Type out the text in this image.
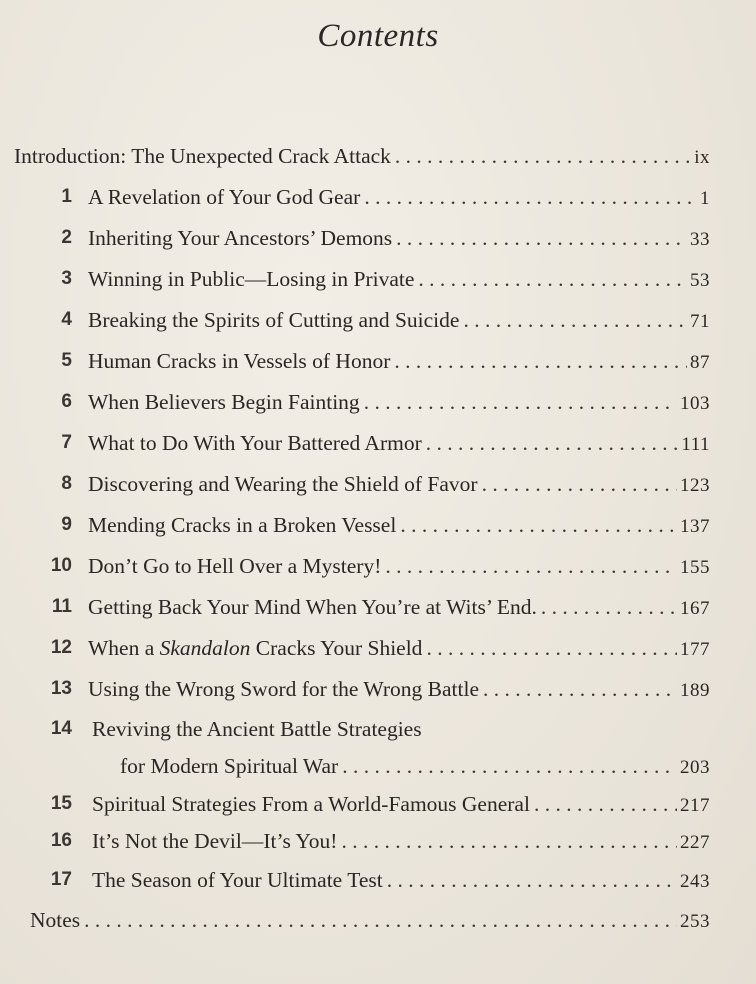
Contents
Introduction: The Unexpected Crack Attack . . .	ix
1 A Revelation of Your God Gear . . .	1
2 Inheriting Your Ancestors’ Demons . . .	33
3 Winning in Public—Losing in Private . . .	53
4 Breaking the Spirits of Cutting and Suicide . . .	71
5 Human Cracks in Vessels of Honor . . .	87
6 When Believers Begin Fainting . . .	103
7 What to Do With Your Battered Armor . . .	111
8 Discovering and Wearing the Shield of Favor . . .	123
9 Mending Cracks in a Broken Vessel . . .	137
10 Don’t Go to Hell Over a Mystery! . . .	155
11 Getting Back Your Mind When You’re at Wits’ End. . . .	167
12 When a Skandalon Cracks Your Shield . . .	177
13 Using the Wrong Sword for the Wrong Battle . . .	189
14 Reviving the Ancient Battle Strategies
for Modern Spiritual War . . .	203
15 Spiritual Strategies From a World-Famous General . . .	217
16 It’s Not the Devil—It’s You! . . .	227
17 The Season of Your Ultimate Test . . .	243
Notes . . .	253
